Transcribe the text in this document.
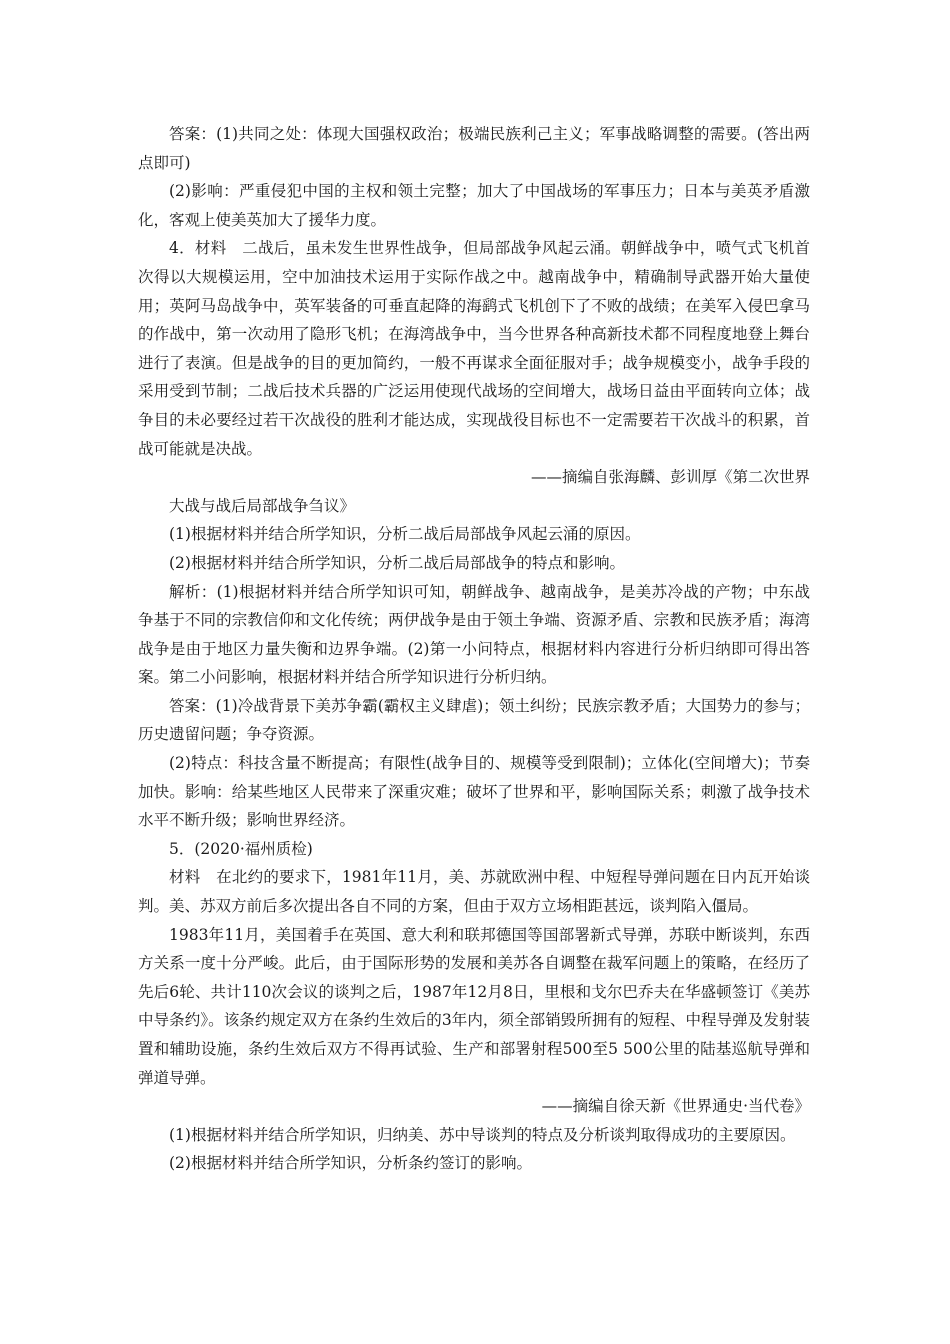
答案：(1)共同之处：体现大国强权政治；极端民族利己主义；军事战略调整的需要。(答出两点即可)

(2)影响：严重侵犯中国的主权和领土完整；加大了中国战场的军事压力；日本与美英矛盾激化，客观上使美英加大了援华力度。

4．材料　二战后，虽未发生世界性战争，但局部战争风起云涌。朝鲜战争中，喷气式飞机首次得以大规模运用，空中加油技术运用于实际作战之中。越南战争中，精确制导武器开始大量使用；英阿马岛战争中，英军装备的可垂直起降的海鹞式飞机创下了不败的战绩；在美军入侵巴拿马的作战中，第一次动用了隐形飞机；在海湾战争中，当今世界各种高新技术都不同程度地登上舞台进行了表演。但是战争的目的更加简约，一般不再谋求全面征服对手；战争规模变小，战争手段的采用受到节制；二战后技术兵器的广泛运用使现代战场的空间增大，战场日益由平面转向立体；战争目的未必要经过若干次战役的胜利才能达成，实现战役目标也不一定需要若干次战斗的积累，首战可能就是决战。

——摘编自张海麟、彭训厚《第二次世界

大战与战后局部战争刍议》

(1)根据材料并结合所学知识，分析二战后局部战争风起云涌的原因。

(2)根据材料并结合所学知识，分析二战后局部战争的特点和影响。

解析：(1)根据材料并结合所学知识可知，朝鲜战争、越南战争，是美苏冷战的产物；中东战争基于不同的宗教信仰和文化传统；两伊战争是由于领土争端、资源矛盾、宗教和民族矛盾；海湾战争是由于地区力量失衡和边界争端。(2)第一小问特点，根据材料内容进行分析归纳即可得出答案。第二小问影响，根据材料并结合所学知识进行分析归纳。

答案：(1)冷战背景下美苏争霸(霸权主义肆虐)；领土纠纷；民族宗教矛盾；大国势力的参与；历史遗留问题；争夺资源。

(2)特点：科技含量不断提高；有限性(战争目的、规模等受到限制)；立体化(空间增大)；节奏加快。影响：给某些地区人民带来了深重灾难；破坏了世界和平，影响国际关系；刺激了战争技术水平不断升级；影响世界经济。

5．(2020·福州质检)

材料　在北约的要求下，1981年11月，美、苏就欧洲中程、中短程导弹问题在日内瓦开始谈判。美、苏双方前后多次提出各自不同的方案，但由于双方立场相距甚远，谈判陷入僵局。

1983年11月，美国着手在英国、意大利和联邦德国等国部署新式导弹，苏联中断谈判，东西方关系一度十分严峻。此后，由于国际形势的发展和美苏各自调整在裁军问题上的策略，在经历了先后6轮、共计110次会议的谈判之后，1987年12月8日，里根和戈尔巴乔夫在华盛顿签订《美苏中导条约》。该条约规定双方在条约生效后的3年内，须全部销毁所拥有的短程、中程导弹及发射装置和辅助设施，条约生效后双方不得再试验、生产和部署射程500至5 500公里的陆基巡航导弹和弹道导弹。

——摘编自徐天新《世界通史·当代卷》

(1)根据材料并结合所学知识，归纳美、苏中导谈判的特点及分析谈判取得成功的主要原因。

(2)根据材料并结合所学知识，分析条约签订的影响。
